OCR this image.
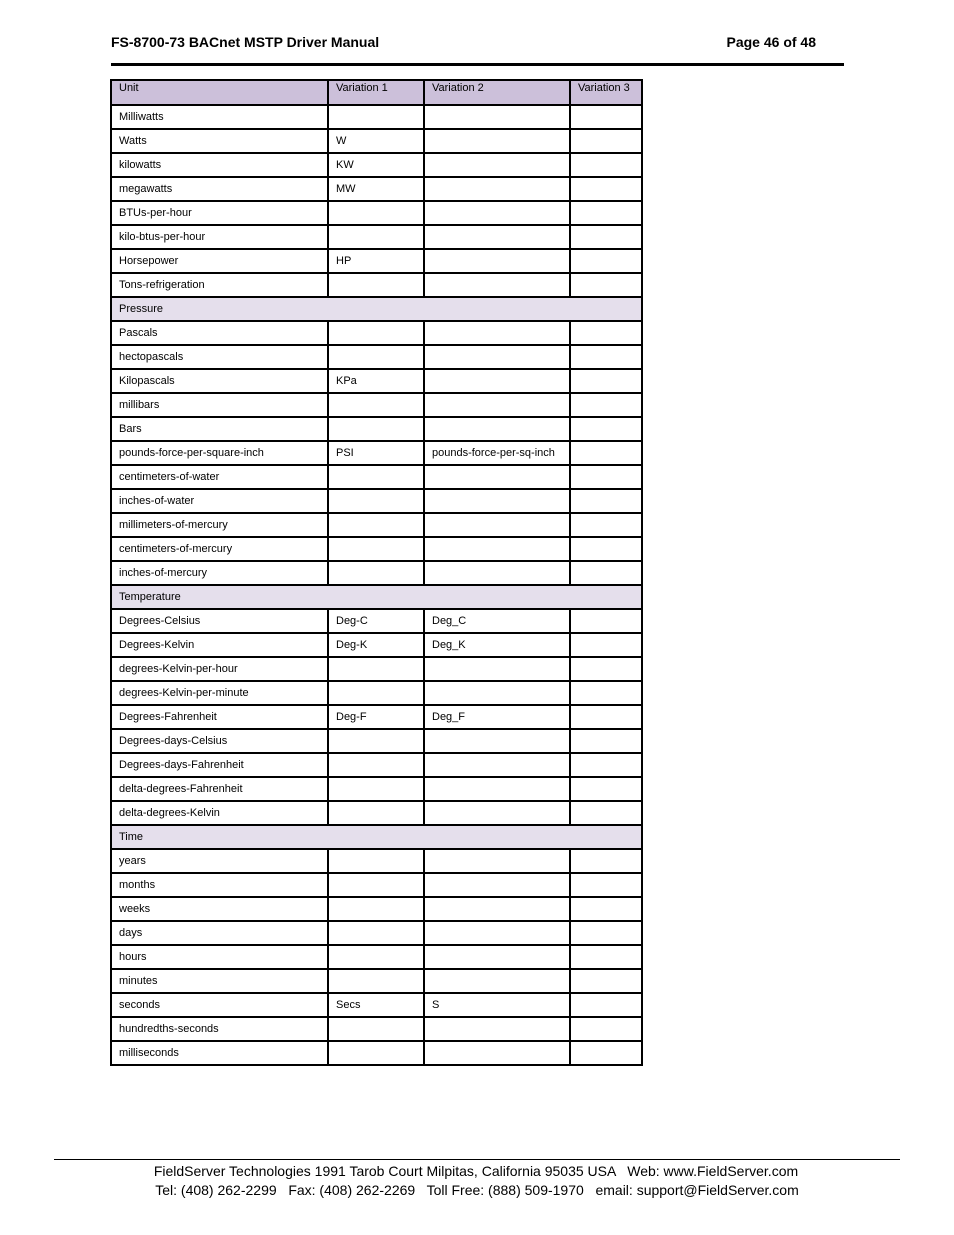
FS-8700-73 BACnet MSTP Driver Manual	Page 46 of 48
Unit	Variation 1	Variation 2	Variation 3
Milliwatts			
Watts	W		
kilowatts	KW		
megawatts	MW		
BTUs-per-hour			
kilo-btus-per-hour			
Horsepower	HP		
Tons-refrigeration			
Pressure			
Pascals			
hectopascals			
Kilopascals	KPa		
millibars			
Bars			
pounds-force-per-square-inch	PSI	pounds-force-per-sq-inch	
centimeters-of-water			
inches-of-water			
millimeters-of-mercury			
centimeters-of-mercury			
inches-of-mercury			
Temperature			
Degrees-Celsius	Deg-C	Deg_C	
Degrees-Kelvin	Deg-K	Deg_K	
degrees-Kelvin-per-hour			
degrees-Kelvin-per-minute			
Degrees-Fahrenheit	Deg-F	Deg_F	
Degrees-days-Celsius			
Degrees-days-Fahrenheit			
delta-degrees-Fahrenheit			
delta-degrees-Kelvin			
Time			
years			
months			
weeks			
days			
hours			
minutes			
seconds	Secs	S	
hundredths-seconds			
milliseconds			
FieldServer Technologies 1991 Tarob Court Milpitas, California 95035 USA   Web: www.FieldServer.com
Tel: (408) 262-2299   Fax: (408) 262-2269   Toll Free: (888) 509-1970   email: support@FieldServer.com
